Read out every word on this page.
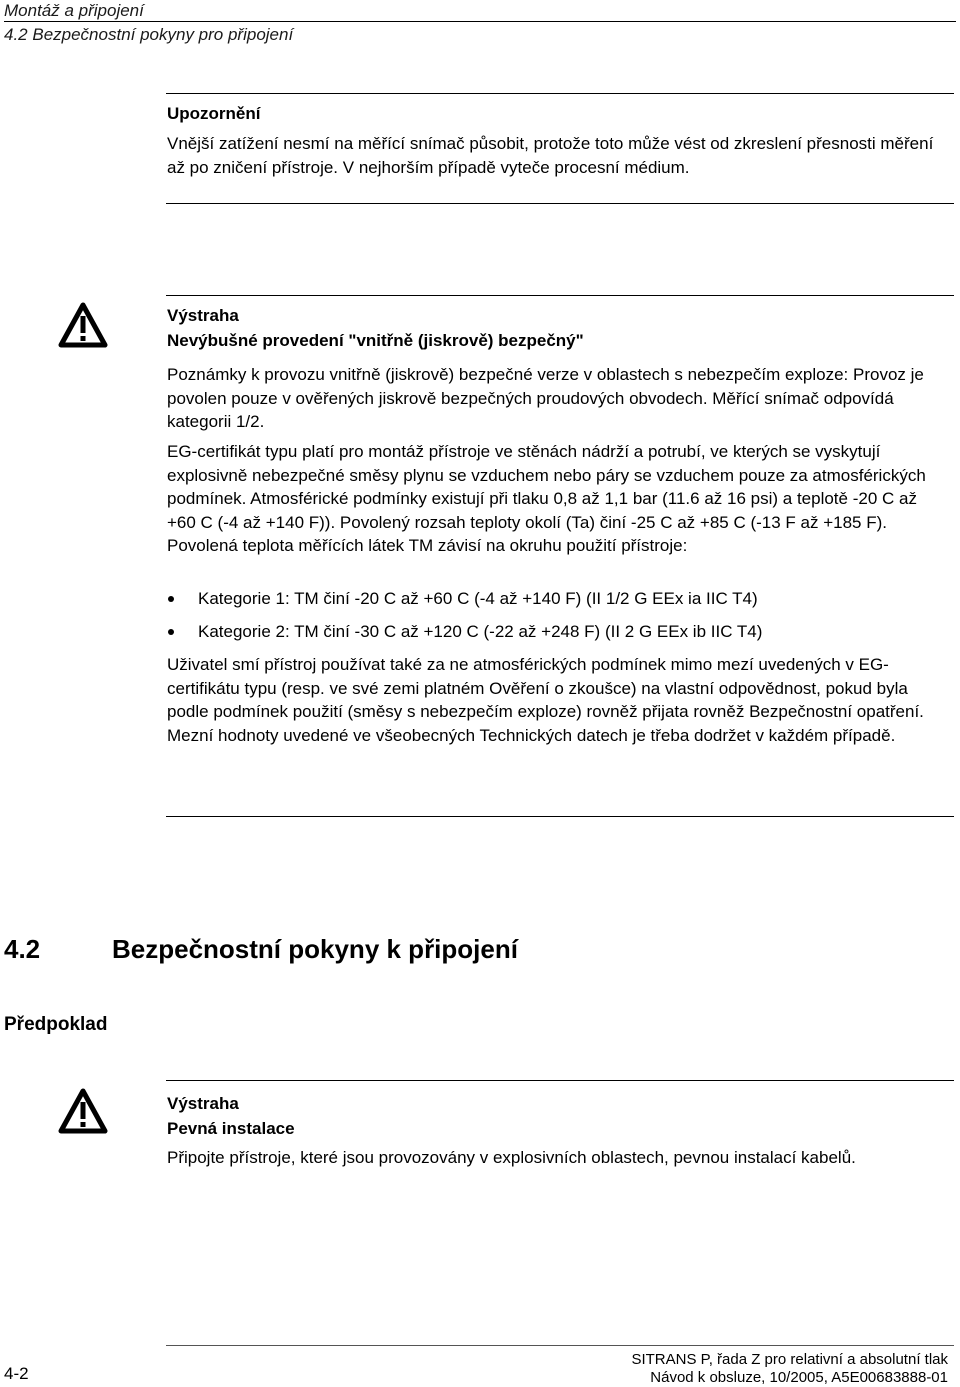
Montáž a připojení
4.2 Bezpečnostní pokyny pro připojení
Upozornění
Vnější zatížení nesmí na měřící snímač působit, protože toto může vést od zkreslení přesnosti měření až po zničení přístroje. V nejhorším případě vyteče procesní médium.
Výstraha
Nevýbušné provedení "vnitřně (jiskrově) bezpečný"
Poznámky k provozu vnitřně (jiskrově) bezpečné verze v oblastech s nebezpečím exploze: Provoz je povolen pouze v ověřených jiskrově bezpečných proudových obvodech. Měřící snímač odpovídá kategorii 1/2.
EG-certifikát typu platí pro montáž přístroje ve stěnách nádrží a potrubí, ve kterých se vyskytují explosivně nebezpečné směsy plynu se vzduchem nebo páry se vzduchem pouze za atmosférických podmínek. Atmosférické podmínky existují při tlaku 0,8 až 1,1 bar (11.6 až 16 psi) a teplotě -20 C až +60 C (-4 až +140 F)). Povolený rozsah teploty okolí (Ta) činí -25 C až +85 C (-13 F až +185 F). Povolená teplota měřících látek TM závisí na okruhu použití přístroje:
Kategorie 1: TM činí -20 C až +60 C (-4 až +140 F) (II 1/2 G EEx ia IIC T4)
Kategorie 2: TM činí -30 C až +120 C (-22 až +248 F) (II 2 G EEx ib IIC T4)
Uživatel smí přístroj používat také za ne atmosférických podmínek mimo mezí uvedených v EG-certifikátu typu (resp. ve své zemi platném Ověření o zkoušce) na vlastní odpovědnost, pokud byla podle podmínek použití (směsy s nebezpečím exploze) rovněž přijata rovněž Bezpečnostní opatření. Mezní hodnoty uvedené ve všeobecných Technických datech je třeba dodržet v každém případě.
4.2	Bezpečnostní pokyny k připojení
Předpoklad
Výstraha
Pevná instalace
Připojte přístroje, které jsou provozovány v explosivních oblastech, pevnou instalací kabelů.
4-2
SITRANS P, řada Z pro relativní a absolutní tlak
Návod k obsluze, 10/2005, A5E00683888-01
